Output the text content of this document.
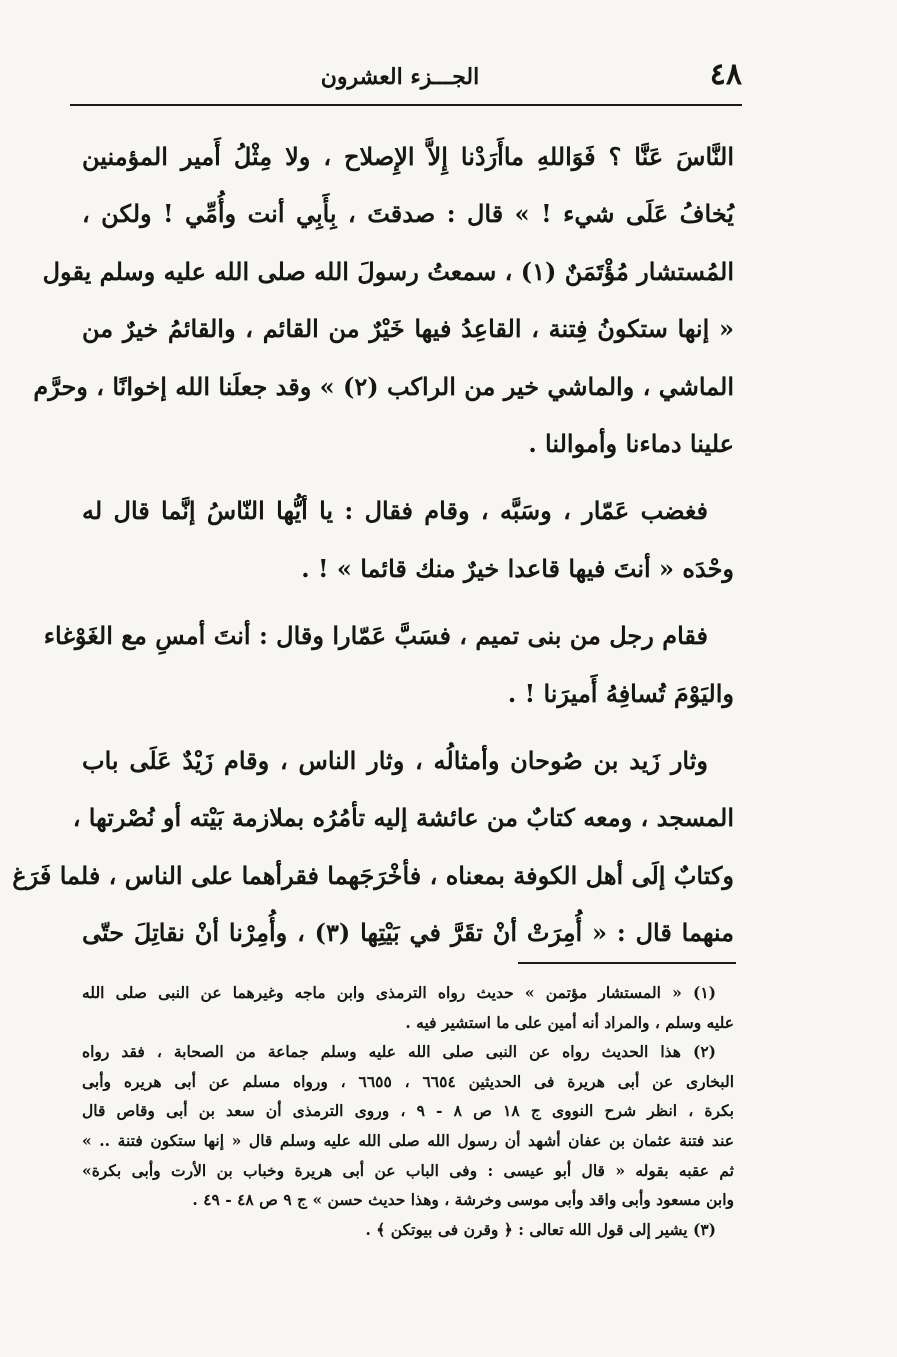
٤٨
الجـــزء العشرون
النَّاسَ عَنَّا ؟ فَوَاللهِ ماأَرَدْنا إِلاَّ الإِصلاح ، ولا مِثْلُ أَمير المؤمنين
يُخافُ عَلَى شيء ! » قال : صدقتَ ، بِأَبِي أنت وأُمِّي ! ولكن ،
المُستشار مُؤْتَمَنٌ (١) ، سمعتُ رسولَ الله صلى الله عليه وسلم يقول
« إنها ستكونُ فِتنة ، القاعِدُ فيها خَيْرٌ من القائم ، والقائمُ خيرٌ من
الماشي ، والماشي خير من الراكب (٢) » وقد جعلَنا الله إخوانًا ، وحرَّم
علينا دماءنا وأموالنا .
فغضب عَمّار ، وسَبَّه ، وقام فقال : يا أيُّها النّاسُ إنَّما قال له
وحْدَه « أنتَ فيها قاعدا خيرٌ منك قائما » ! .
فقام رجل من بنى تميم ، فسَبَّ عَمّارا وقال : أنتَ أمسِ مع الغَوْغاء
واليَوْمَ تُسافِهُ أَميرَنا ! .
وثار زَيد بن صُوحان وأمثالُه ، وثار الناس ، وقام زَيْدٌ عَلَى باب
المسجد ، ومعه كتابٌ من عائشة إليه تأمُرُه بملازمة بَيْته أو نُصْرتها ،
وكتابٌ إلَى أهل الكوفة بمعناه ، فأخْرَجَهما فقرأهما على الناس ، فلما فَرَغ
منهما قال : « أُمِرَتْ أنْ تقَرَّ في بَيْتِها (٣) ، وأُمِرْنا أنْ نقاتِلَ حتّى
(١) « المستشار مؤتمن » حديث رواه الترمذى وابن ماجه وغيرهما عن النبى صلى الله
عليه وسلم ، والمراد أنه أمين على ما استشير فيه .
(٢) هذا الحديث رواه عن النبى صلى الله عليه وسلم جماعة من الصحابة ، فقد رواه
البخارى عن أبى هريرة فى الحديثين ٦٦٥٤ ، ٦٦٥٥ ، ورواه مسلم عن أبى هريره وأبى
بكرة ، انظر شرح النووى ج ١٨ ص ٨ - ٩ ، وروى الترمذى أن سعد بن أبى وقاص قال
عند فتنة عثمان بن عفان أشهد أن رسول الله صلى الله عليه وسلم قال « إنها ستكون فتنة .. »
ثم عقبه بقوله « قال أبو عيسى : وفى الباب عن أبى هريرة وخباب بن الأرت وأبى بكرة»
وابن مسعود وأبى واقد وأبى موسى وخرشة ، وهذا حديث حسن » ج ٩ ص ٤٨ - ٤٩ .
(٣) يشير إلى قول الله تعالى : ﴿ وقرن فى بيوتكن ﴾ .
